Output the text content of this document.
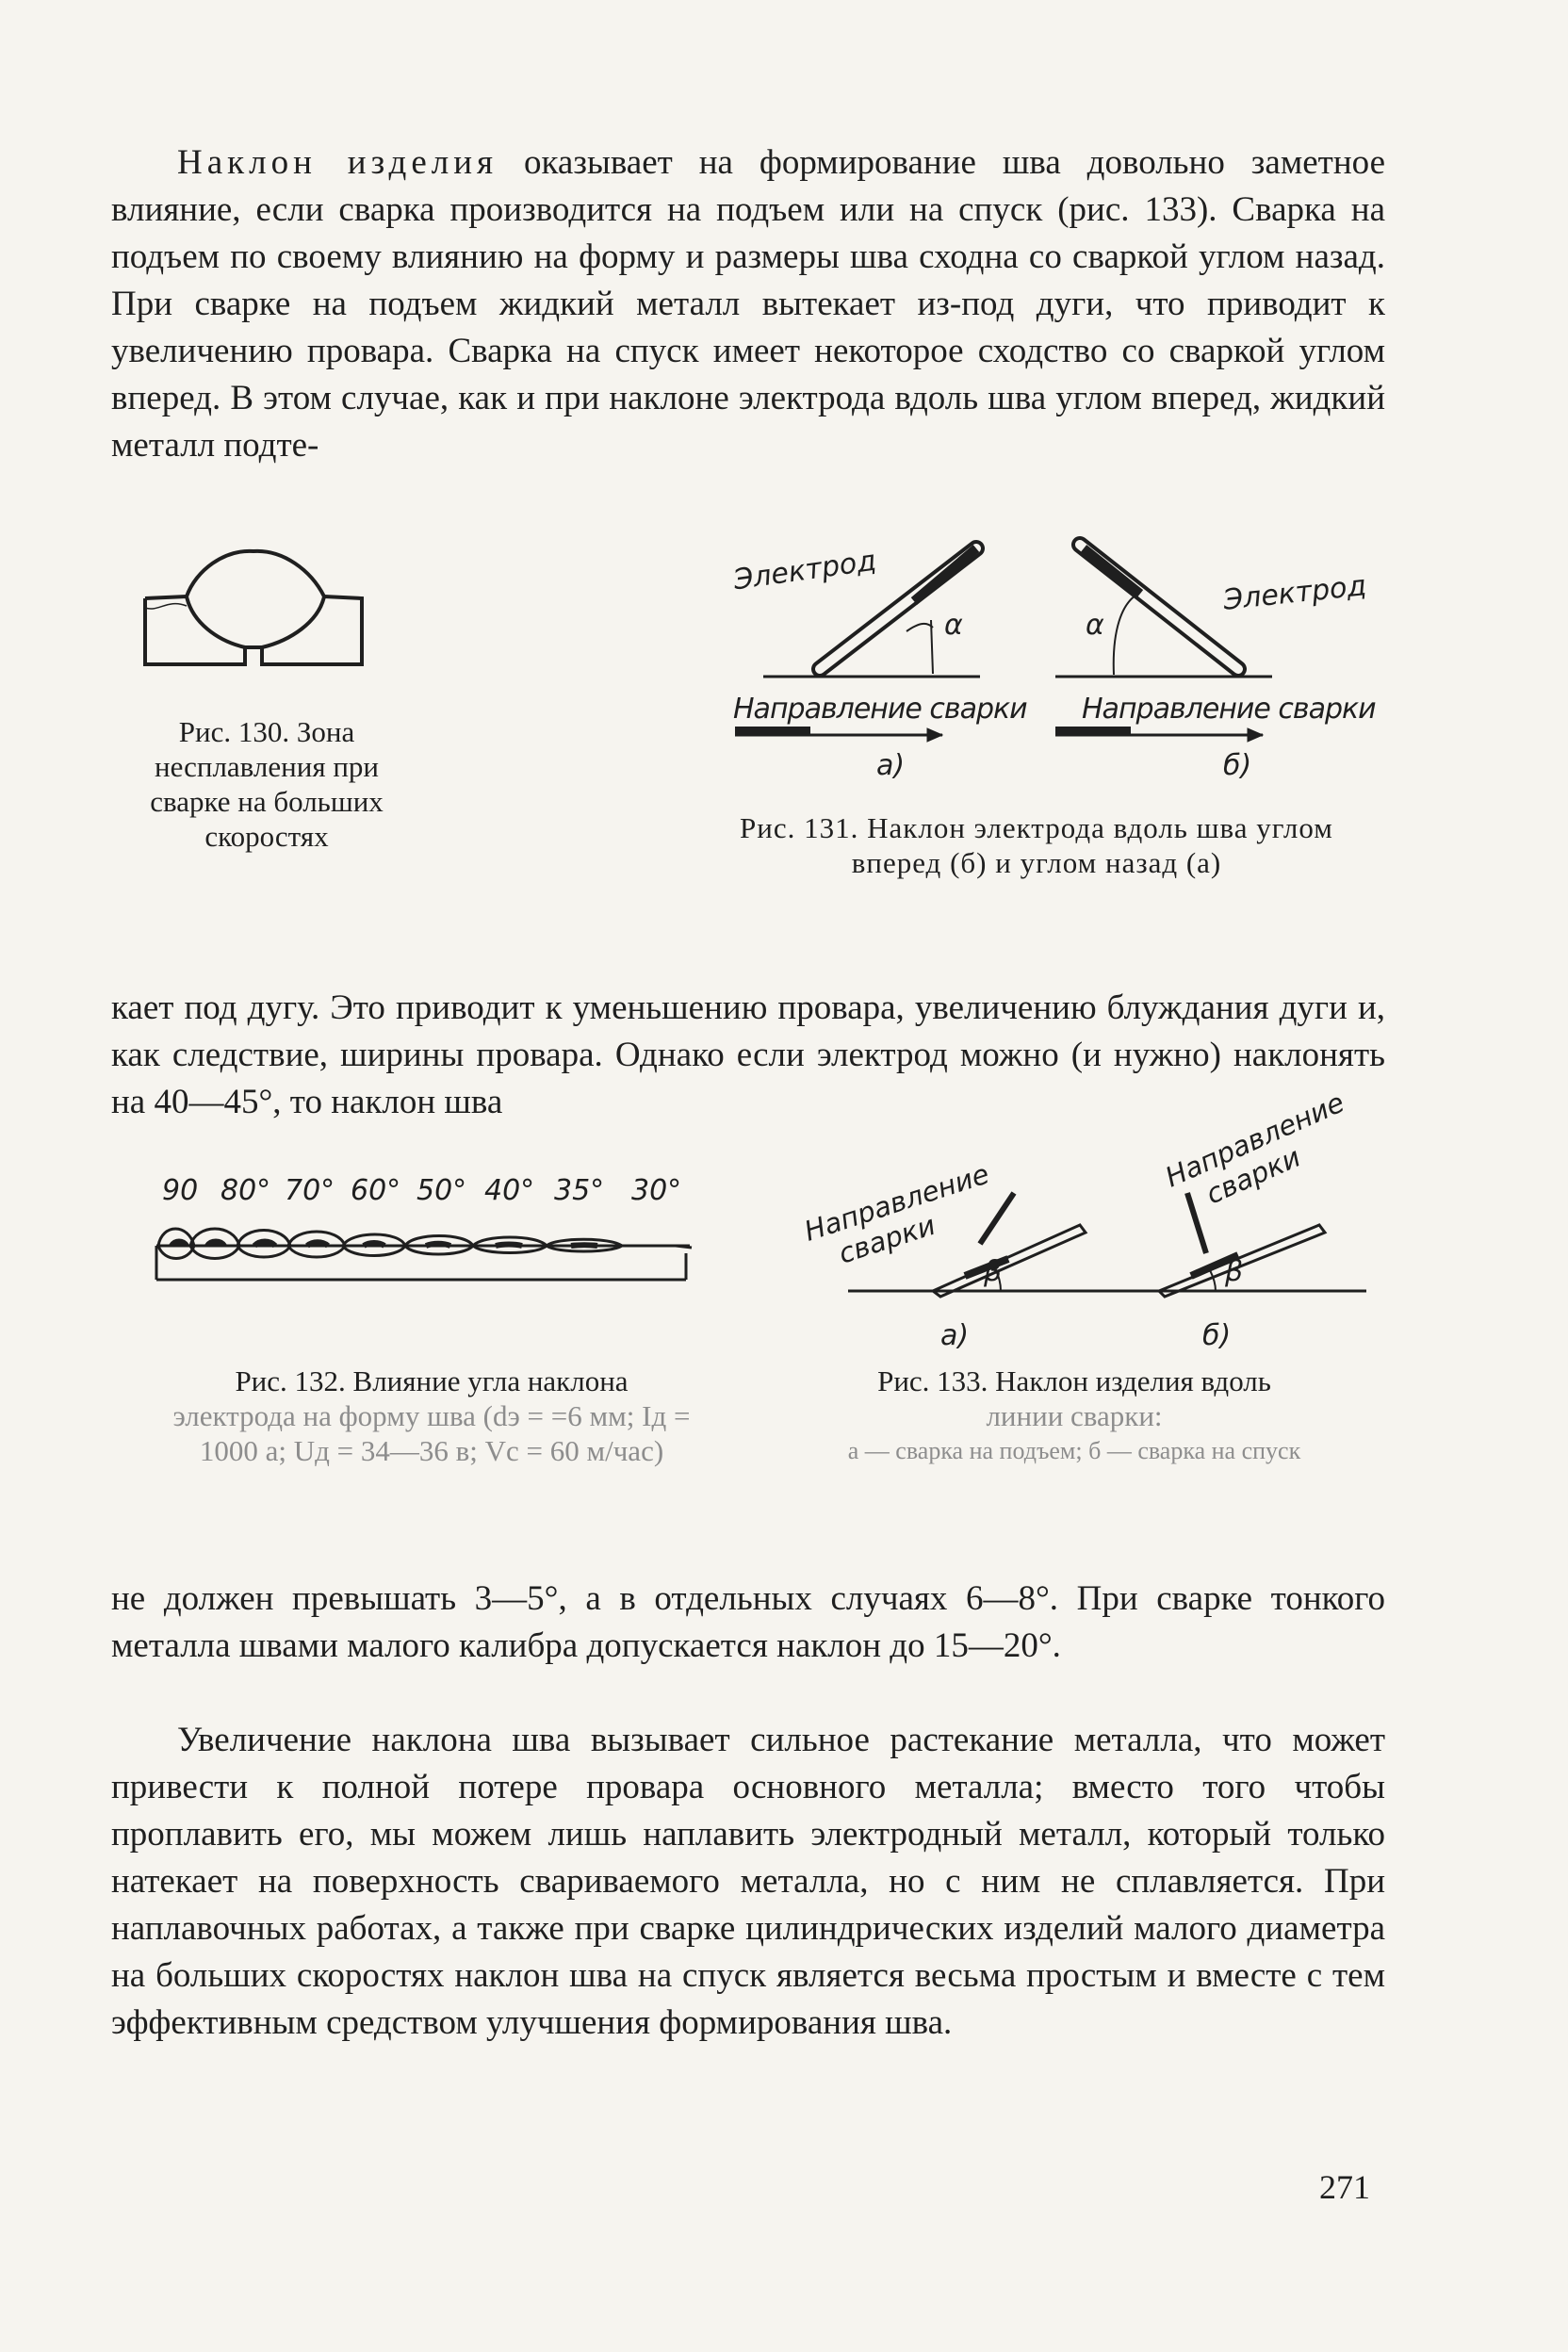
Наклон изделия оказывает на формирование шва довольно заметное влияние, если сварка производится на подъем или на спуск (рис. 133). Сварка на подъем по своему влиянию на форму и размеры шва сходна со сваркой углом назад. При сварке на подъем жидкий металл вытекает из-под дуги, что приводит к увеличению провара. Сварка на спуск имеет некоторое сходство со сваркой углом вперед. В этом случае, как и при наклоне электрода вдоль шва углом вперед, жидкий металл подте-

Рис. 130. Зона несплавления при сварке на больших скоростях

Электрод	Электрод
α	α
Направление сварки Направление сварки
а)	б)

Рис. 131. Наклон электрода вдоль шва углом вперед (б) и углом назад (а)

кает под дугу. Это приводит к уменьшению провара, увеличению блуждания дуги и, как следствие, ширины провара. Однако если электрод можно (и нужно) наклонять на 40—45°, то наклон шва

90 80° 70° 60° 50° 40° 35° 30°
Рис. 132. Влияние угла наклона
электрода на форму шва (dэ = =6 мм; Iд = 1000 а; Uд = 34—36 в; Vс = 60 м/час)
Направление сварки
Направление сварки
β	β
а)	б)
Рис. 133. Наклон изделия вдоль
линии сварки:
а — сварка на подъем; б — сварка на спуск

не должен превышать 3—5°, а в отдельных случаях 6—8°. При сварке тонкого металла швами малого калибра допускается наклон до 15—20°.

Увеличение наклона шва вызывает сильное растекание металла, что может привести к полной потере провара основного металла; вместо того чтобы проплавить его, мы можем лишь наплавить электродный металл, который только натекает на поверхность свариваемого металла, но с ним не сплавляется. При наплавочных работах, а также при сварке цилиндрических изделий малого диаметра на больших скоростях наклон шва на спуск является весьма простым и вместе с тем эффективным средством улучшения формирования шва.

271
